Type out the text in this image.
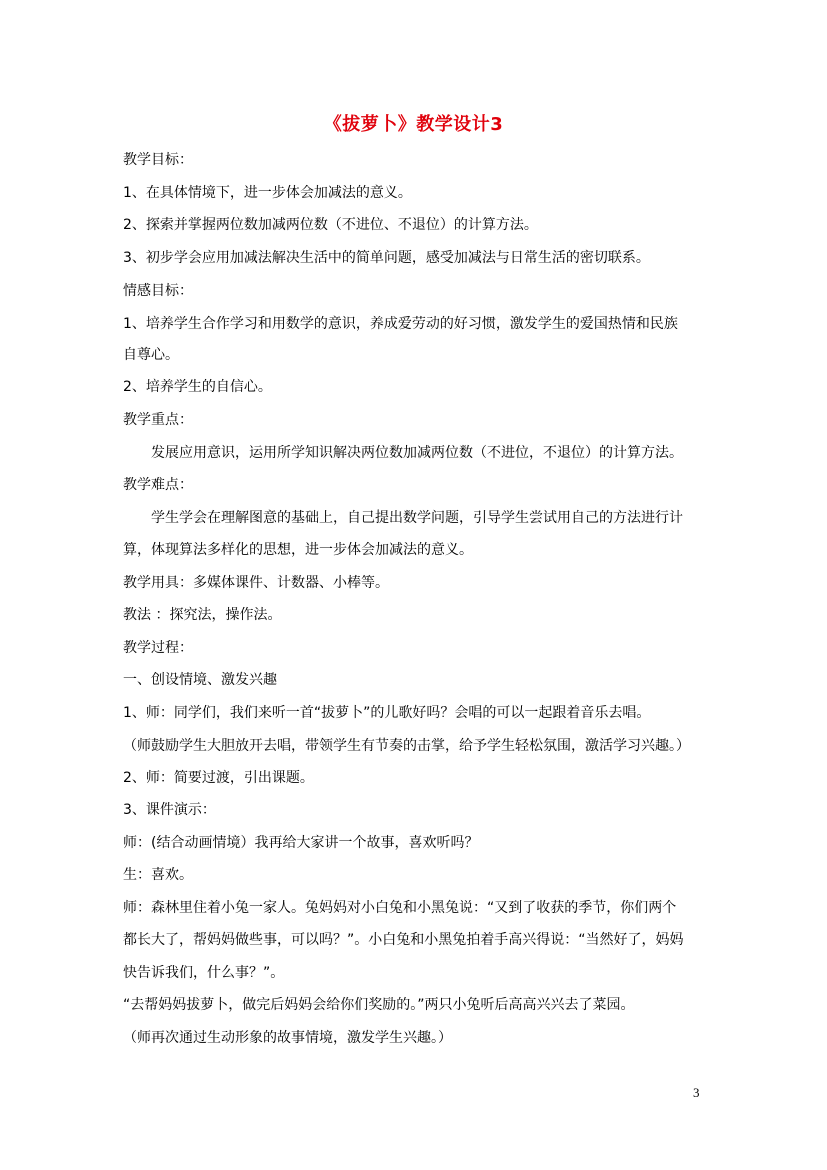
《拔萝卜》教学设计3
教学目标：
1、在具体情境下，进一步体会加减法的意义。
2、探索并掌握两位数加减两位数（不进位、不退位）的计算方法。
3、初步学会应用加减法解决生活中的简单问题，感受加减法与日常生活的密切联系。
情感目标：
1、培养学生合作学习和用数学的意识，养成爱劳动的好习惯，激发学生的爱国热情和民族
自尊心。
2、培养学生的自信心。
教学重点：
发展应用意识，运用所学知识解决两位数加减两位数（不进位，不退位）的计算方法。
教学难点：
学生学会在理解图意的基础上，自己提出数学问题，引导学生尝试用自己的方法进行计
算，体现算法多样化的思想，进一步体会加减法的意义。
教学用具：多媒体课件、计数器、小棒等。
教法 ：探究法，操作法。
教学过程：
一、创设情境、激发兴趣
1、师：同学们，我们来听一首“拔萝卜”的儿歌好吗？会唱的可以一起跟着音乐去唱。
（师鼓励学生大胆放开去唱，带领学生有节奏的击掌，给予学生轻松氛围，激活学习兴趣。）
2、师：简要过渡，引出课题。
3、课件演示：
师：(结合动画情境）我再给大家讲一个故事，喜欢听吗？
生：喜欢。
师：森林里住着小兔一家人。兔妈妈对小白兔和小黑兔说：“又到了收获的季节，你们两个
都长大了，帮妈妈做些事，可以吗？”。小白兔和小黑兔拍着手高兴得说：“当然好了，妈妈
快告诉我们，什么事？”。
“去帮妈妈拔萝卜，做完后妈妈会给你们奖励的。”两只小兔听后高高兴兴去了菜园。
（师再次通过生动形象的故事情境，激发学生兴趣。）
3
